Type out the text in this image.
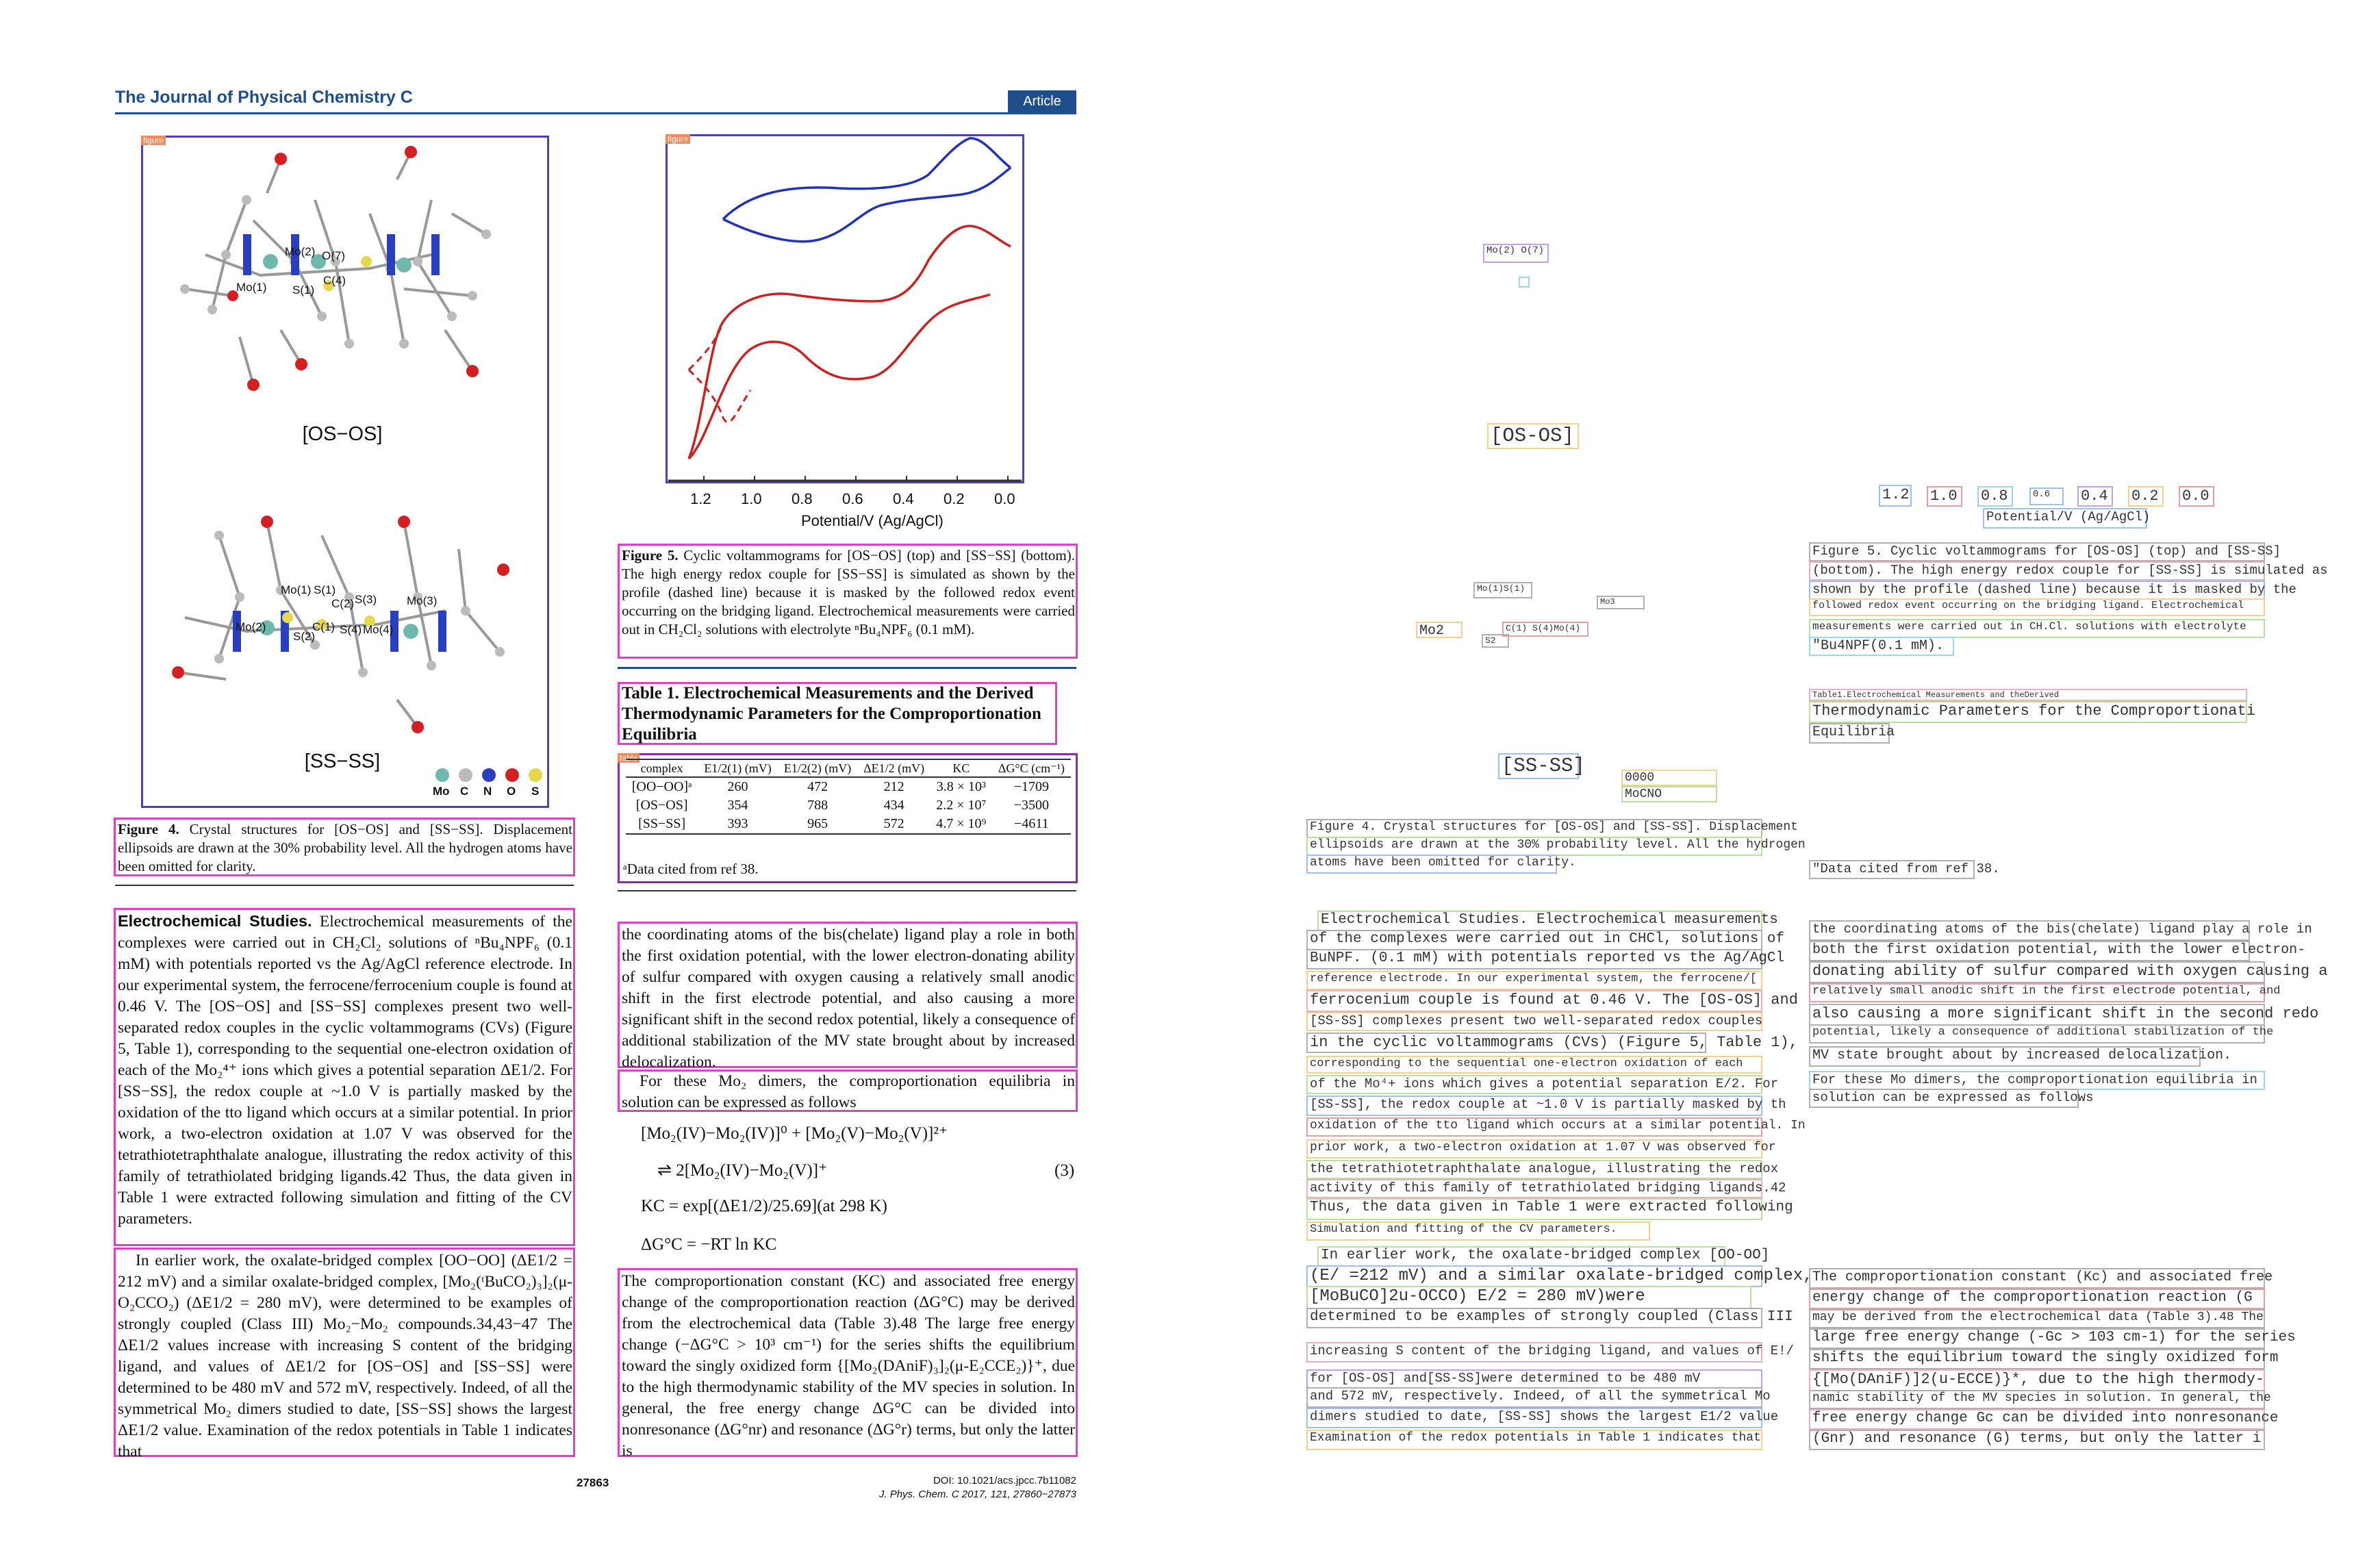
The Journal of Physical Chemistry C	Article
figure
Mo(2) O(7)
C(4)
Mo(1) S(1)
[OS−OS]
Mo(1) S(1)
C(2) S(3)	Mo(3)
Mo(2)
S(2)
C(1) S(4) Mo(4)
[SS−SS]
Mo C N O S
Figure 4. Crystal structures for [OS−OS] and [SS−SS]. Displacement ellipsoids are drawn at the 30% probability level. All the hydrogen atoms have been omitted for clarity.
figure
1.2 1.0 0.8 0.6 0.4 0.2 0.0
Potential/V (Ag/AgCl)
Figure 5. Cyclic voltammograms for [OS−OS] (top) and [SS−SS] (bottom). The high energy redox couple for [SS−SS] is simulated as shown by the profile (dashed line) because it is masked by the followed redox event occurring on the bridging ligand. Electrochemical measurements were carried out in CH₂Cl₂ solutions with electrolyte ⁿBu₄NPF₆ (0.1 mM).
Table 1. Electrochemical Measurements and the Derived Thermodynamic Parameters for the Comproportionation Equilibria
table
complex	E1/2(1) (mV)	E1/2(2) (mV)	ΔE1/2 (mV)	KC	ΔG°C (cm⁻¹)
[OO−OO]ᵃ	260	472	212	3.8 × 10³	−1709
[OS−OS]	354	788	434	2.2 × 10⁷	−3500
[SS−SS]	393	965	572	4.7 × 10⁹	−4611
ᵃData cited from ref 38.
Electrochemical Studies. Electrochemical measurements of the complexes were carried out in CH₂Cl₂ solutions of ⁿBu₄NPF₆ (0.1 mM) with potentials reported vs the Ag/AgCl reference electrode. In our experimental system, the ferrocene/ferrocenium couple is found at 0.46 V. The [OS−OS] and [SS−SS] complexes present two well-separated redox couples in the cyclic voltammograms (CVs) (Figure 5, Table 1), corresponding to the sequential one-electron oxidation of each of the Mo₂⁴⁺ ions which gives a potential separation ΔE1/2. For [SS−SS], the redox couple at ~1.0 V is partially masked by the oxidation of the tto ligand which occurs at a similar potential. In prior work, a two-electron oxidation at 1.07 V was observed for the tetrathiotetraphthalate analogue, illustrating the redox activity of this family of tetrathiolated bridging ligands.42 Thus, the data given in Table 1 were extracted following simulation and fitting of the CV parameters.
In earlier work, the oxalate-bridged complex [OO−OO] (ΔE1/2 = 212 mV) and a similar oxalate-bridged complex, [Mo₂(ᵗBuCO₂)₃]₂(μ-O₂CCO₂) (ΔE1/2 = 280 mV), were determined to be examples of strongly coupled (Class III) Mo₂−Mo₂ compounds.34,43−47 The ΔE1/2 values increase with increasing S content of the bridging ligand, and values of ΔE1/2 for [OS−OS] and [SS−SS] were determined to be 480 mV and 572 mV, respectively. Indeed, of all the symmetrical Mo₂ dimers studied to date, [SS−SS] shows the largest ΔE1/2 value. Examination of the redox potentials in Table 1 indicates that
the coordinating atoms of the bis(chelate) ligand play a role in both the first oxidation potential, with the lower electron-donating ability of sulfur compared with oxygen causing a relatively small anodic shift in the first electrode potential, and also causing a more significant shift in the second redox potential, likely a consequence of additional stabilization of the MV state brought about by increased delocalization.
For these Mo₂ dimers, the comproportionation equilibria in solution can be expressed as follows
[Mo₂(IV)−Mo₂(IV)]⁰ + [Mo₂(V)−Mo₂(V)]²⁺
⇌ 2[Mo₂(IV)−Mo₂(V)]⁺	(3)
KC = exp[(ΔE1/2)/25.69](at 298 K)
ΔG°C = −RT ln KC
The comproportionation constant (KC) and associated free energy change of the comproportionation reaction (ΔG°C) may be derived from the electrochemical data (Table 3).48 The large free energy change (−ΔG°C > 10³ cm⁻¹) for the series shifts the equilibrium toward the singly oxidized form {[Mo₂(DAniF)₃]₂(μ-E₂CCE₂)}⁺, due to the high thermodynamic stability of the MV species in solution. In general, the free energy change ΔG°C can be divided into nonresonance (ΔG°nr) and resonance (ΔG°r) terms, but only the latter is
27863	DOI: 10.1021/acs.jpcc.7b11082
J. Phys. Chem. C 2017, 121, 27860−27873
Mo(2) O(7)
[OS-OS]
Mo(1)S(1)
Mo3
Mo2	C(1) S(4)Mo(4)
S2
[SS-SS]
0000
MoCNO
1.2 1.0	0.8	0.6	0.4	0.2	0.0
Potential/V (Ag/AgCl)
Figure 5. Cyclic voltammograms for [OS-OS] (top) and [SS-SS]
(bottom). The high energy redox couple for [SS-SS] is simulated as
shown by the profile (dashed line) because it is masked by the
followed redox event occurring on the bridging ligand. Electrochemical
measurements were carried out in CH.Cl. solutions with electrolyte
"Bu4NPF(0.1 mM).
Table1.Electrochemical Measurements and theDerived
Thermodynamic Parameters for the Comproportionati
Equilibria
"Data cited from ref 38.
Figure 4. Crystal structures for [OS-OS] and [SS-SS]. Displacement
ellipsoids are drawn at the 30% probability level. All the hydrogen
atoms have been omitted for clarity.
Electrochemical Studies. Electrochemical measurements
of the complexes were carried out in CHCl, solutions of
BuNPF. (0.1 mM) with potentials reported vs the Ag/AgCl
reference electrode. In our experimental system, the ferrocene/[
ferrocenium couple is found at 0.46 V. The [OS-OS] and
[SS-SS] complexes present two well-separated redox couples
in the cyclic voltammograms (CVs) (Figure 5, Table 1),
corresponding to the sequential one-electron oxidation of each
of the Mo⁴+ ions which gives a potential separation E/2. For
[SS-SS], the redox couple at ~1.0 V is partially masked by th
oxidation of the tto ligand which occurs at a similar potential. In
prior work, a two-electron oxidation at 1.07 V was observed for
the tetrathiotetraphthalate analogue, illustrating the redox
activity of this family of tetrathiolated bridging ligands.42
Thus, the data given in Table 1 were extracted following
Simulation and fitting of the CV parameters.
In earlier work, the oxalate-bridged complex [OO-OO]
(E/ =212 mV) and a similar oxalate-bridged complex,
[MoBuCO]2u-OCCO) E/2 = 280 mV)were
determined to be examples of strongly coupled (Class III
increasing S content of the bridging ligand, and values of E!/
for [OS-OS] and[SS-SS]were determined to be 480 mV
and 572 mV, respectively. Indeed, of all the symmetrical Mo
dimers studied to date, [SS-SS] shows the largest E1/2 value
Examination of the redox potentials in Table 1 indicates that
the coordinating atoms of the bis(chelate) ligand play a role in
both the first oxidation potential, with the lower electron-
donating ability of sulfur compared with oxygen causing a
relatively small anodic shift in the first electrode potential, and
also causing a more significant shift in the second redo
potential, likely a consequence of additional stabilization of the
MV state brought about by increased delocalization.
For these Mo dimers, the comproportionation equilibria in
solution can be expressed as follows
The comproportionation constant (Kc) and associated free
energy change of the comproportionation reaction (G
may be derived from the electrochemical data (Table 3).48 The
large free energy change (-Gc > 103 cm-1) for the series
shifts the equilibrium toward the singly oxidized form
{[Mo(DAniF)]2(u-ECCE)}*, due to the high thermody-
namic stability of the MV species in solution. In general, the
free energy change Gc can be divided into nonresonance
(Gnr) and resonance (G) terms, but only the latter i
